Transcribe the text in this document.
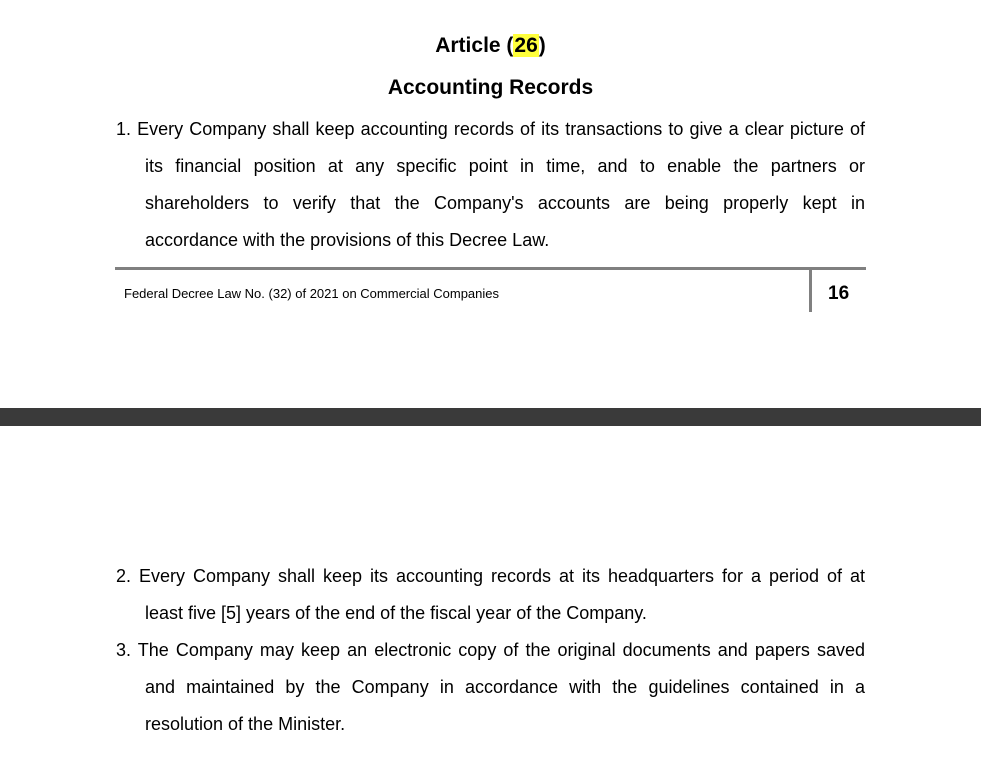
Article (26)
Accounting Records
1. Every Company shall keep accounting records of its transactions to give a clear picture of
its financial position at any specific point in time, and to enable the partners or
shareholders to verify that the Company's accounts are being properly kept in
accordance with the provisions of this Decree Law.
Federal Decree Law No. (32) of 2021 on Commercial Companies	16
2. Every Company shall keep its accounting records at its headquarters for a period of at
least five [5] years of the end of the fiscal year of the Company.
3. The Company may keep an electronic copy of the original documents and papers saved
and maintained by the Company in accordance with the guidelines contained in a
resolution of the Minister.
